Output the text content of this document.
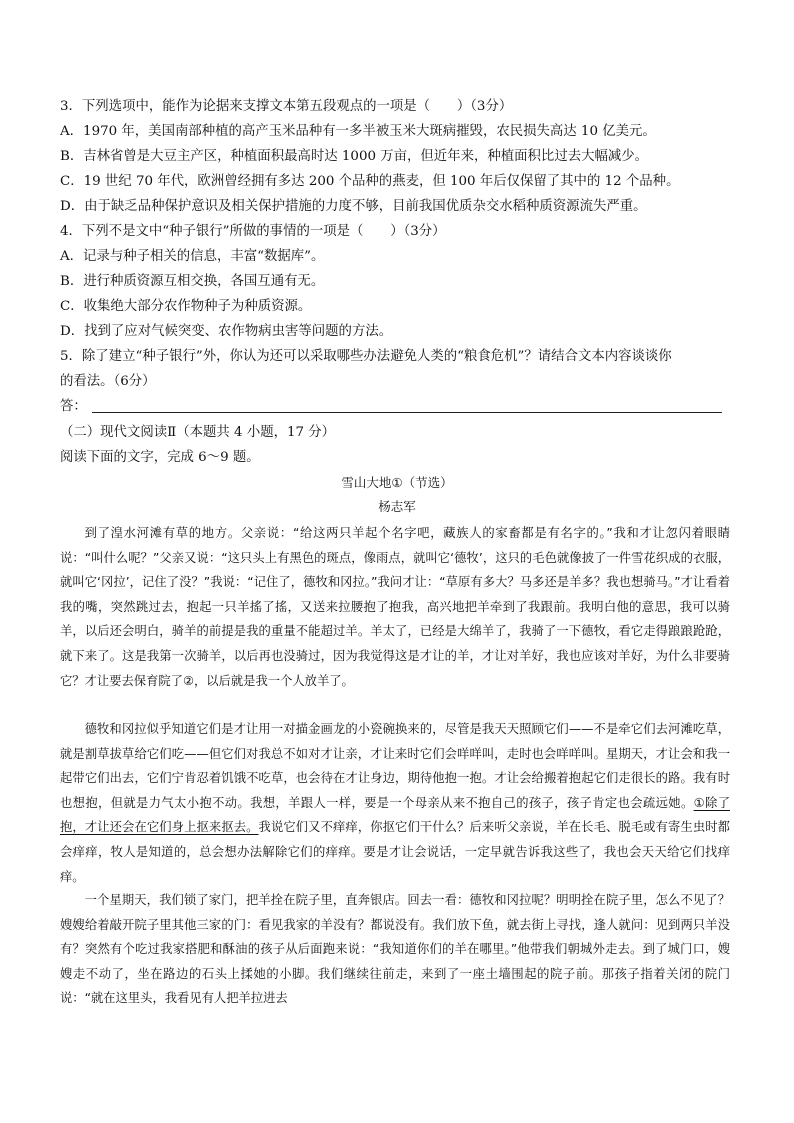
3．下列选项中，能作为论据来支撑文本第五段观点的一项是（　　）（3分）
A．1970 年，美国南部种植的高产玉米品种有一多半被玉米大斑病摧毁，农民损失高达 10 亿美元。
B．吉林省曾是大豆主产区，种植面积最高时达 1000 万亩，但近年来，种植面积比过去大幅减少。
C．19 世纪 70 年代，欧洲曾经拥有多达 200 个品种的燕麦，但 100 年后仅保留了其中的 12 个品种。
D．由于缺乏品种保护意识及相关保护措施的力度不够，目前我国优质杂交水稻种质资源流失严重。
4．下列不是文中“种子银行”所做的事情的一项是（　　）（3分）
A．记录与种子相关的信息，丰富“数据库”。
B．进行种质资源互相交换，各国互通有无。
C．收集绝大部分农作物种子为种质资源。
D．找到了应对气候突变、农作物病虫害等问题的方法。
5．除了建立“种子银行”外，你认为还可以采取哪些办法避免人类的“粮食危机”？请结合文本内容谈谈你
的看法。（6分）
答：
（二）现代文阅读Ⅱ（本题共 4 小题，17 分）
阅读下面的文字，完成 6～9 题。
雪山大地①（节选）
杨志军

到了湟水河滩有草的地方。父亲说：“给这两只羊起个名字吧，藏族人的家畜都是有名字的。”我和才让忽闪着眼睛说：“叫什么呢？”父亲又说：“这只头上有黑色的斑点，像雨点，就叫它‘德牧’，这只的毛色就像披了一件雪花织成的衣服，就叫它‘冈拉’，记住了没？”我说：“记住了，德牧和冈拉。”我问才让：“草原有多大？马多还是羊多？我也想骑马。”才让看着我的嘴，突然跳过去，抱起一只羊搖了搖，又送来拉腰抱了抱我，高兴地把羊牵到了我跟前。我明白他的意思，我可以骑羊，以后还会明白，骑羊的前提是我的重量不能超过羊。羊太了，已经是大绵羊了，我骑了一下德牧，看它走得踉踉跄跄，就下来了。这是我第一次骑羊，以后再也没骑过，因为我觉得这是才让的羊，才让对羊好，我也应该对羊好，为什么非要骑它？才让要去保育院了②，以后就是我一个人放羊了。

德牧和冈拉似乎知道它们是才让用一对描金画龙的小瓷碗换来的，尽管是我天天照顾它们——不是牵它们去河滩吃草，就是割草拔草给它们吃——但它们对我总不如对才让亲，才让来时它们会咩咩叫，走时也会咩咩叫。星期天，才让会和我一起带它们出去，它们宁肯忍着饥饿不吃草，也会待在才让身边，期待他抱一抱。才让会给搬着抱起它们走很长的路。我有时也想抱，但就是力气太小抱不动。我想，羊跟人一样，要是一个母亲从来不抱自己的孩子，孩子肯定也会疏远她。①除了抱，才让还会在它们身上抠来抠去。我说它们又不痒痒，你抠它们干什么？后来听父亲说，羊在长毛、脱毛或有寄生虫时都会痒痒，牧人是知道的，总会想办法解除它们的痒痒。要是才让会说话，一定早就告诉我这些了，我也会天天给它们找痒痒。

一个星期天，我们锁了家门，把羊拴在院子里，直奔银店。回去一看：德牧和冈拉呢？明明拴在院子里，怎么不见了？嫂嫂给着敲开院子里其他三家的门：看见我家的羊没有？都说没有。我们放下鱼，就去街上寻找，逢人就问：见到两只羊没有？突然有个吃过我家搭肥和酥油的孩子从后面跑来说：“我知道你们的羊在哪里。”他带我们朝城外走去。到了城门口，嫂嫂走不动了，坐在路边的石头上揉她的小脚。我们继续往前走，来到了一座土墙围起的院子前。那孩子指着关闭的院门说：“就在这里头，我看见有人把羊拉进去
